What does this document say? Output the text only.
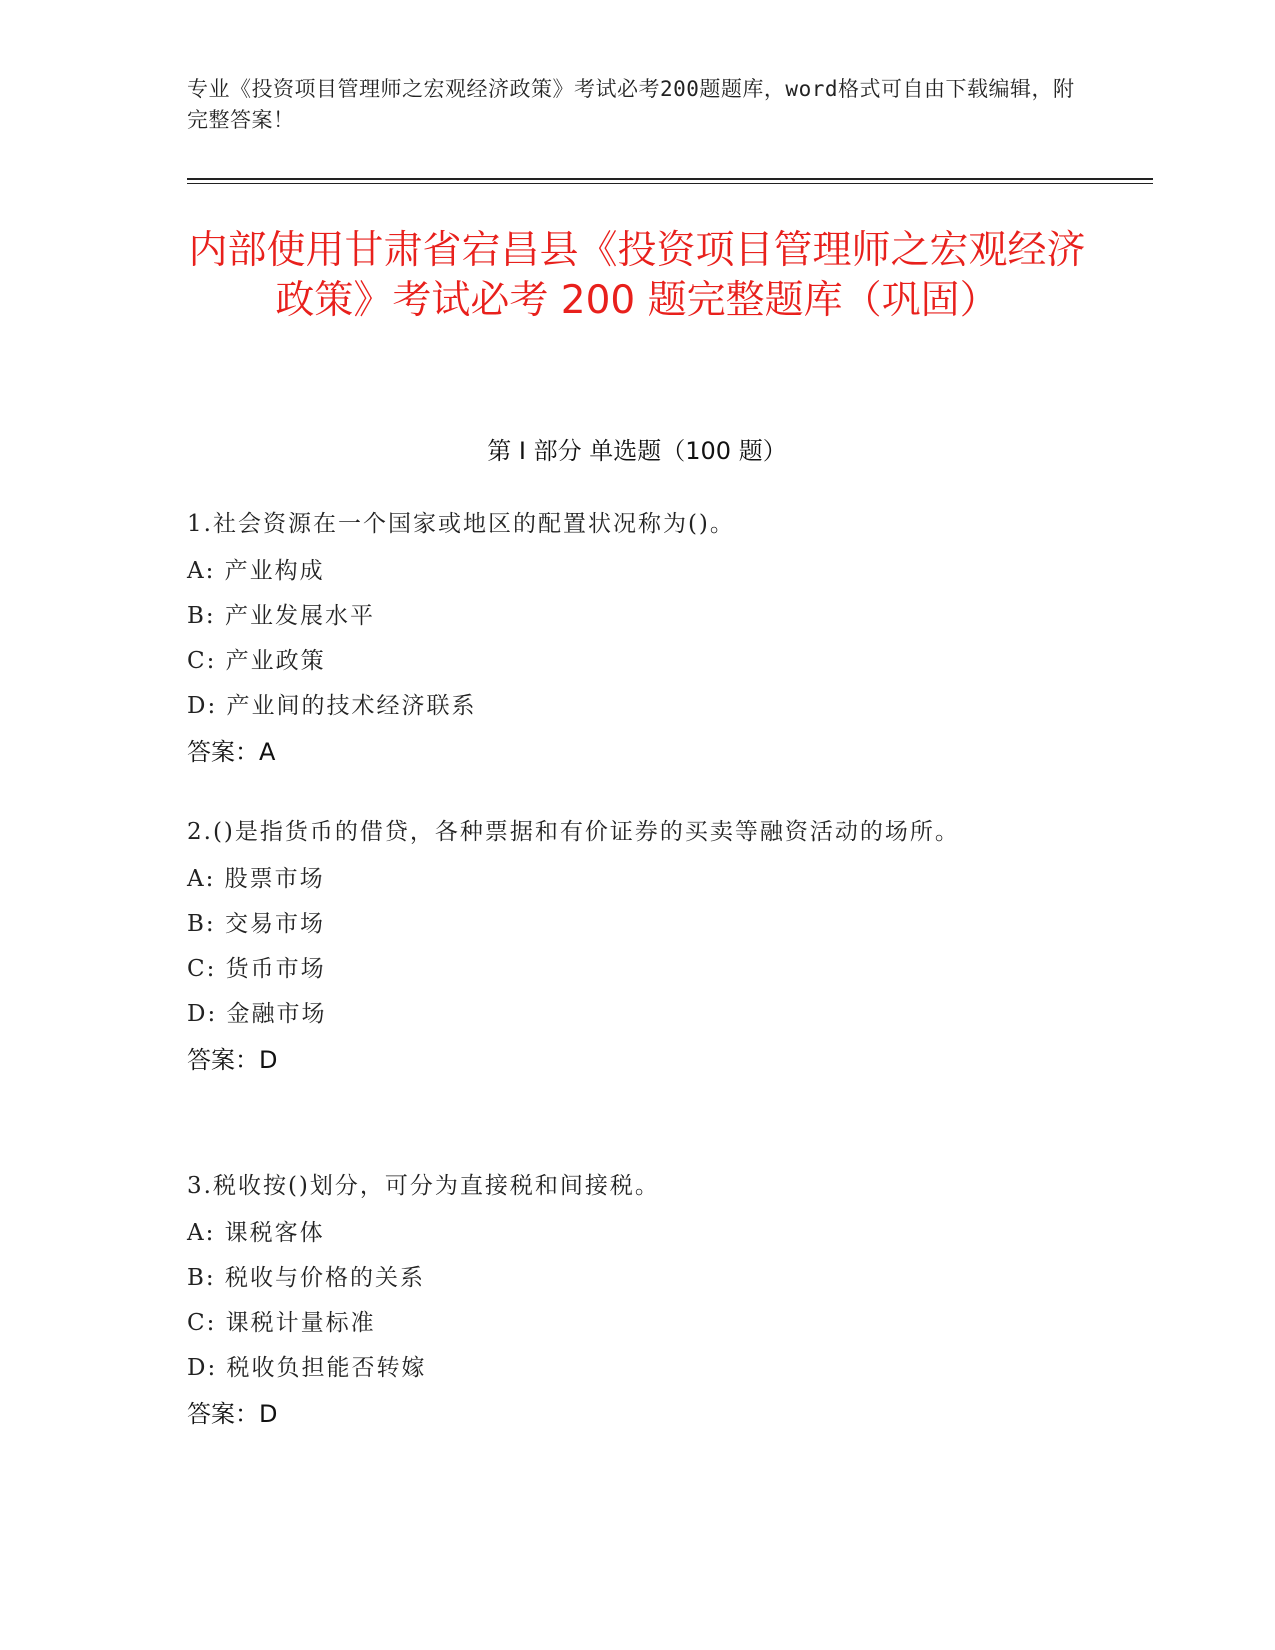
专业《投资项目管理师之宏观经济政策》考试必考200题题库，word格式可自由下载编辑，附完整答案！
内部使用甘肃省宕昌县《投资项目管理师之宏观经济政策》考试必考 200 题完整题库（巩固）
第 I 部分 单选题（100 题）
1.社会资源在一个国家或地区的配置状况称为()。
A: 产业构成
B: 产业发展水平
C: 产业政策
D: 产业间的技术经济联系
答案：A
2.()是指货币的借贷，各种票据和有价证券的买卖等融资活动的场所。
A: 股票市场
B: 交易市场
C: 货币市场
D: 金融市场
答案：D
3.税收按()划分，可分为直接税和间接税。
A: 课税客体
B: 税收与价格的关系
C: 课税计量标准
D: 税收负担能否转嫁
答案：D
